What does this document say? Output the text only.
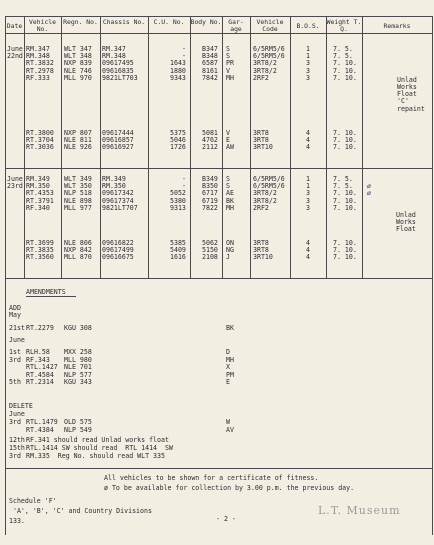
Date	Vehicle No.
Regn. No. Chassis No.	C.U. No. Body No.	Gar- age
Vehicle Code	B.O.S.	Weight T. Q.	Remarks
June
22nd
RM.347 WLT 347 RM.347	- B347 S	6/5RM5/6	1	7. 5.
RM.348 WLT 348 RM.348	- B348 S	6/5RM5/6	1	7. 5.
RT.3832 NXP 839 09617495	1643 6587 PR	3RT8/2	3	7. 10.
RT.2978 NLE 746 09616835	1880 8161 V	3RT8/2	3	7. 10.
RF.333 MLL 970 9821LT703	9343 7842 MH	2RF2	3	7. 10.	Unlad
Works
Float
'C'
repaint
RT.3800 NXP 807 09617444	5375 5081 V	3RT8	4	7. 10.
RT.3704 NLE 811 09616857	5046 4762 E	3RT8	4	7. 10.
RT.3036 NLE 926 09616927	1726 2112 AW	3RT10	4	7. 10.
June
23rd
RM.349 WLT 349 RM.349	- B349 S	6/5RM5/6	1	7. 5.
RM.350 WLT 350 RM.350	- B350 S	6/5RM5/6	1	7. 5.
RT.4353 NLP 518 09617342	5052 6717 AE	3RT8/2	3	7. 10.
RT.3791 NLE 898 09617374	5380 6719 BK	3RT8/2	3	7. 10.
RF.340 MLL 977 9821LT707	9313 7822 MH	2RF2	3	7. 10.
ø
ø
Unlad
Works
Float
RT.3699 NLE 806 09616822	5385 5062 ON	3RT8	4	7. 10.
RT.3835 NXP 842 09617499	5409 5150 NG	3RT8	4	7. 10.
RT.3560 MLL 870 09616675	1616 2108 J	3RT10	4	7. 10.
AMENDMENTS
ADD
May
21st RT.2279 KGU 308	BK
June
1st RLH.58 MXX 258	D
3rd RF.343 MLL 980	MH
RTL.1427 NLE 701	X
RT.4584 NLP 577	PM
5th RT.2314 KGU 343	E
DELETE
June
3rd RTL.1479 OLD 575	W
RT.4384 NLP 549	AV
12th RF.341 should read Unlad works float
15th RTL.1414 SW should read  RTL 1414  SW
3rd RM.335  Reg No. should read WLT 335
All vehicles to be shown for a certificate of fitness.
ø To be available for collection by 3.00 p.m. the previous day.
Schedule 'F'
'A', 'B', 'C' and Country Divisions
133.	- 2 -
L.T. Museum
